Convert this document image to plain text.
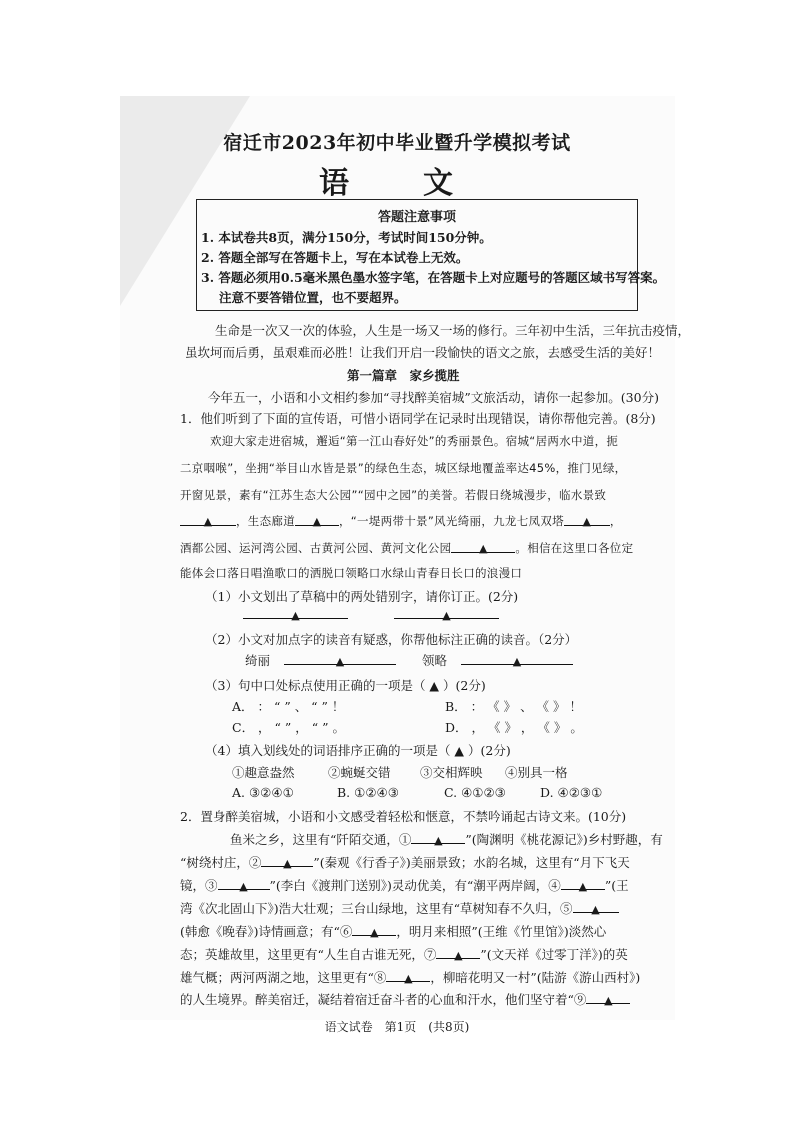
宿迁市2023年初中毕业暨升学模拟考试
语　文
答题注意事项
1. 本试卷共8页，满分150分，考试时间150分钟。
2. 答题全部写在答题卡上，写在本试卷上无效。
3. 答题必须用0.5毫米黑色墨水签字笔，在答题卡上对应题号的答题区域书写答案。
注意不要答错位置，也不要超界。
生命是一次又一次的体验，人生是一场又一场的修行。三年初中生活，三年抗击疫情，
虽坎坷而后勇，虽艰难而必胜！让我们开启一段愉快的语文之旅，去感受生活的美好！
第一篇章　家乡揽胜
今年五一，小语和小文相约参加“寻找醉美宿城”文旅活动，请你一起参加。(30分)
1．他们听到了下面的宣传语，可惜小语同学在记录时出现错误，请你帮他完善。(8分)
欢迎大家走进宿城，邂逅“第一江山春好处”的秀丽景色。宿城“居两水中道，扼
二京咽喉”，坐拥“举目山水皆是景”的绿色生态，城区绿地覆盖率达45%，推门见绿，
开窗见景，素有“江苏生态大公园”“园中之园”的美誉。若假日绕城漫步，临水景致
▲ ，生态廊道 ▲ ，“一堤两带十景”风光绮丽，九龙七凤双塔 ▲ ，
酒都公园、运河湾公园、古黄河公园、黄河文化公园	▲ 。相信在这里口各位定
能体会口落日唱渔歌口的洒脱口领略口水绿山青春日长口的浪漫口
（1）小文划出了草稿中的两处错别字，请你订正。(2分)
▲	▲
（2）小文对加点字的读音有疑惑，你帮他标注正确的读音。（2分）
绮丽	▲	领略	▲
（3）句中口处标点使用正确的一项是（ ▲ ）(2分)
A． ： “ ” 、 “ ” ！	B． ： 《 》 、 《 》 ！
C． ， “ ” ， “ ” 。	D． ， 《 》 ， 《 》 。
（4）填入划线处的词语排序正确的一项是（ ▲ ）(2分)
①趣意盎然	②蜿蜒交错 ③交相辉映 ④别具一格
A. ③②④①	B. ①②④③	C. ④①②③	D. ④②③①
2．置身醉美宿城，小语和小文感受着轻松和惬意，不禁吟诵起古诗文来。(10分)
　　鱼米之乡，这里有“阡陌交通，① ▲ ”(陶渊明《桃花源记》)乡村野趣，有
“树绕村庄，② ▲ ”(秦观《行香子》)美丽景致；水韵名城，这里有“月下飞天
镜，③ ▲ ”(李白《渡荆门送别》)灵动优美，有“潮平两岸阔，④ ▲ ”(王
湾《次北固山下》)浩大壮观；三台山绿地，这里有“草树知春不久归，⑤ ▲
(韩愈《晚春》)诗情画意；有“⑥ ▲ ，明月来相照”(王维《竹里馆》)淡然心
语文试卷　第1页　(共8页)
态；英雄故里，这里更有“人生自古谁无死，⑦ ▲ ”(文天祥《过零丁洋》)的英
雄气概；两河两湖之地，这里更有“⑧ ▲ ，柳暗花明又一村”(陆游《游山西村》)
的人生境界。醉美宿迁，凝结着宿迁奋斗者的心血和汗水，他们坚守着“⑨ ▲
